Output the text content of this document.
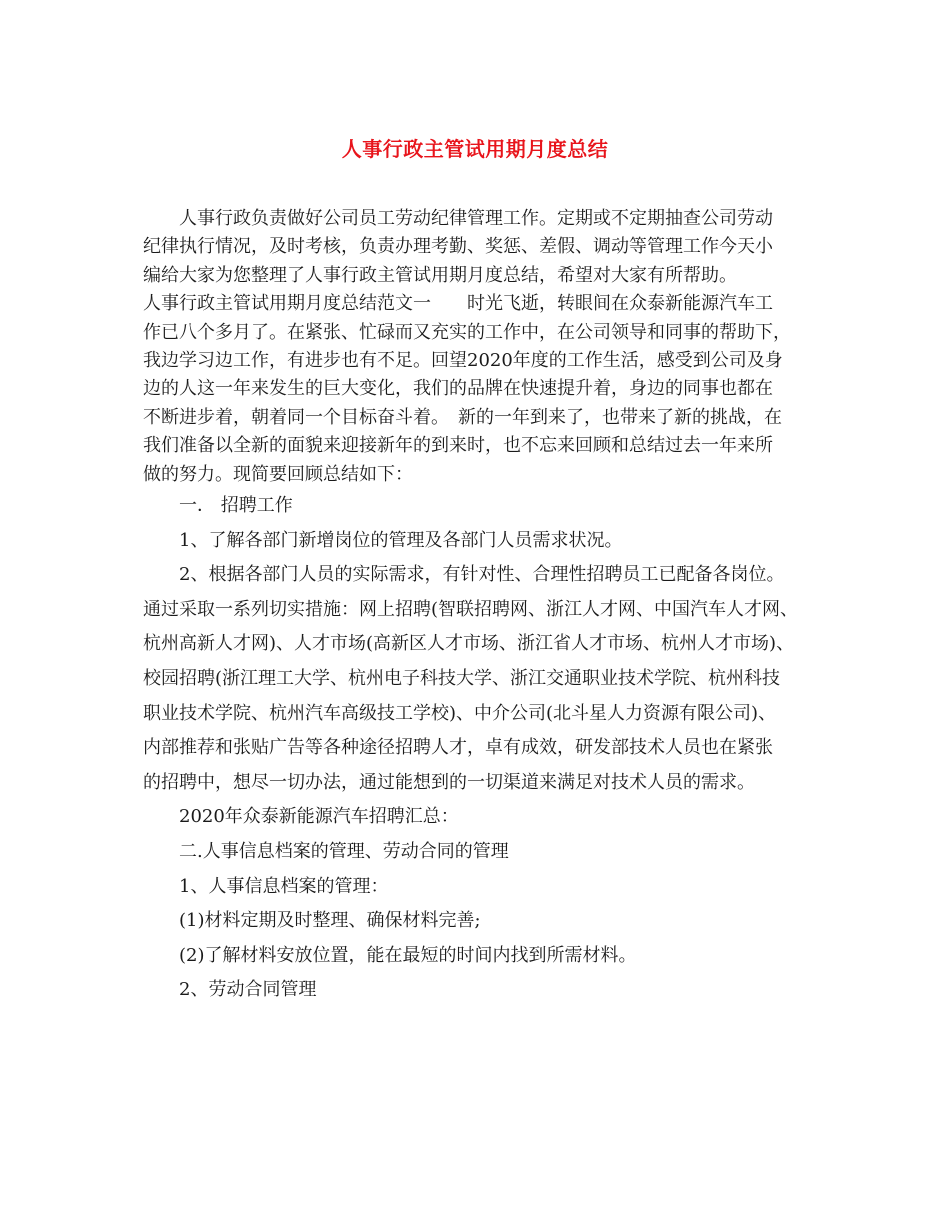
人事行政主管试用期月度总结

人事行政负责做好公司员工劳动纪律管理工作。定期或不定期抽查公司劳动

纪律执行情况，及时考核，负责办理考勤、奖惩、差假、调动等管理工作今天小

编给大家为您整理了人事行政主管试用期月度总结，希望对大家有所帮助。

人事行政主管试用期月度总结范文一　　时光飞逝，转眼间在众泰新能源汽车工

作已八个多月了。在紧张、忙碌而又充实的工作中，在公司领导和同事的帮助下，

我边学习边工作，有进步也有不足。回望2020年度的工作生活，感受到公司及身

边的人这一年来发生的巨大变化，我们的品牌在快速提升着，身边的同事也都在

不断进步着，朝着同一个目标奋斗着。　新的一年到来了，也带来了新的挑战，在

我们准备以全新的面貌来迎接新年的到来时，也不忘来回顾和总结过去一年来所

做的努力。现简要回顾总结如下：

一． 招聘工作

1、了解各部门新增岗位的管理及各部门人员需求状况。

2、根据各部门人员的实际需求，有针对性、合理性招聘员工已配备各岗位。

通过采取一系列切实措施：网上招聘(智联招聘网、浙江人才网、中国汽车人才网、

杭州高新人才网)、人才市场(高新区人才市场、浙江省人才市场、杭州人才市场)、

校园招聘(浙江理工大学、杭州电子科技大学、浙江交通职业技术学院、杭州科技

职业技术学院、杭州汽车高级技工学校)、中介公司(北斗星人力资源有限公司)、

内部推荐和张贴广告等各种途径招聘人才，卓有成效，研发部技术人员也在紧张

的招聘中，想尽一切办法，通过能想到的一切渠道来满足对技术人员的需求。

2020年众泰新能源汽车招聘汇总：

二.人事信息档案的管理、劳动合同的管理

1、人事信息档案的管理：

(1)材料定期及时整理、确保材料完善;

(2)了解材料安放位置，能在最短的时间内找到所需材料。

2、劳动合同管理
